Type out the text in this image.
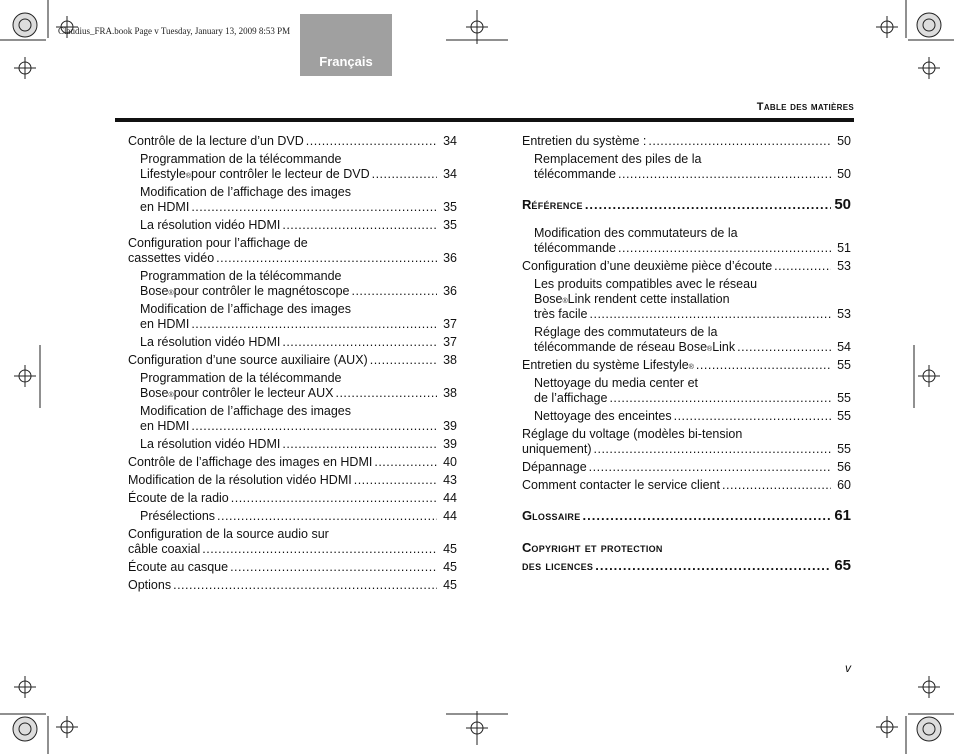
Claudius_FRA.book Page v Tuesday, January 13, 2009 8:53 PM
Français
Table des matières
Contrôle de la lecture d’un DVD .....	34
Programmation de la télécommande
Lifestyle ® pour contrôler le lecteur de DVD .....	34
Modification de l’affichage des images
en HDMI .....	35
La résolution vidéo HDMI .....	35
Configuration pour l’affichage de
cassettes vidéo .....	36
Programmation de la télécommande
Bose ® pour contrôler le magnétoscope .....	36
Modification de l’affichage des images
en HDMI .....	37
La résolution vidéo HDMI .....	37
Configuration d’une source auxiliaire (AUX) .....	38
Programmation de la télécommande
Bose ® pour contrôler le lecteur AUX .....	38
Modification de l’affichage des images
en HDMI .....	39
La résolution vidéo HDMI .....	39
Contrôle de l’affichage des images en HDMI .....	40
Modification de la résolution vidéo HDMI .....	43
Écoute de la radio .....	44
Présélections .....	44
Configuration de la source audio sur
câble coaxial .....	45
Écoute au casque .....	45
Options .....	45
Entretien du système : .....	50
Remplacement des piles de la
télécommande .....	50
R éférence .....	50
Modification des commutateurs de la
télécommande .....	51
Configuration d’une deuxième pièce d’écoute .....	53
Les produits compatibles avec le réseau
Bose ® Link rendent cette installation
très facile .....	53
Réglage des commutateurs de la
télécommande de réseau Bose ® Link .....	54
Entretien du système Lifestyle ® .....	55
Nettoyage du media center et
de l’affichage .....	55
Nettoyage des enceintes .....	55
Réglage du voltage (modèles bi-tension
uniquement) .....	55
Dépannage .....	56
Comment contacter le service client .....	60
G lossaire .....	61
C opyright et protection
des licences .....	65
v
